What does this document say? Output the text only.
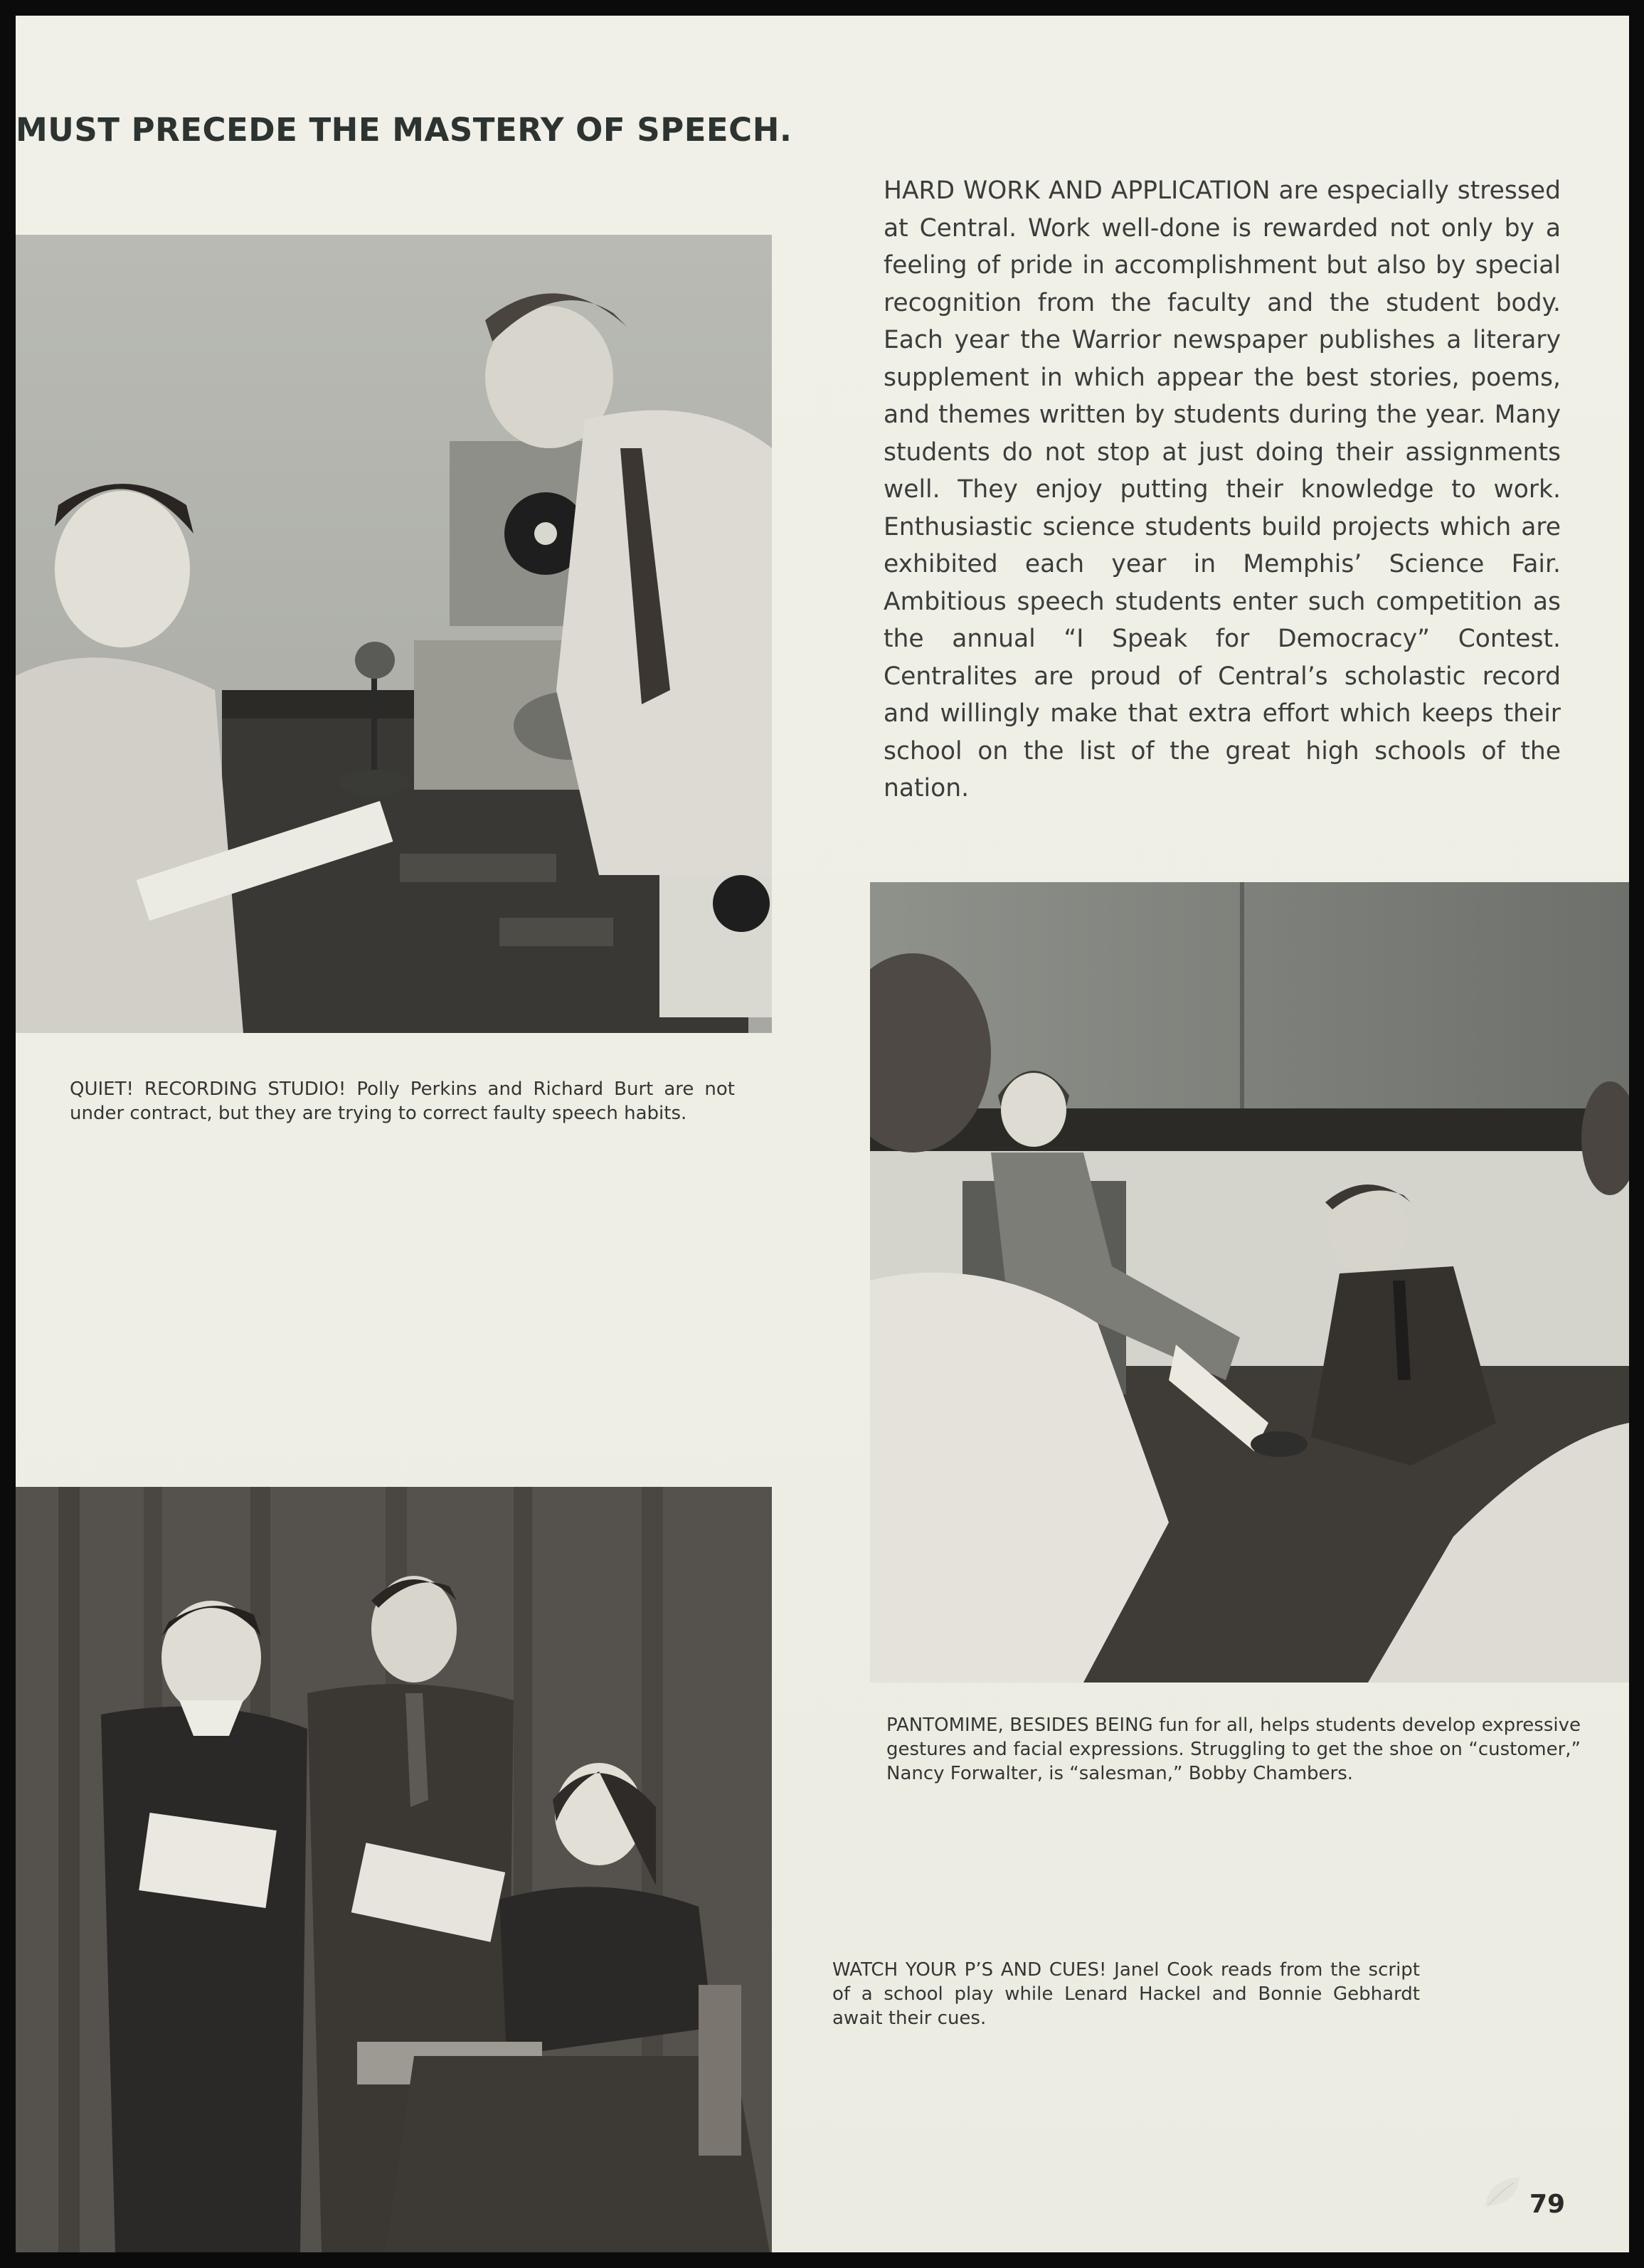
MUST PRECEDE THE MASTERY OF SPEECH.

QUIET! RECORDING STUDIO! Polly Perkins and Richard Burt are not under contract, but they are trying to correct faulty speech habits.

HARD WORK AND APPLICATION are especially stressed at Central. Work well-done is rewarded not only by a feeling of pride in accomplishment but also by special recognition from the faculty and the student body. Each year the Warrior newspaper publishes a literary supplement in which appear the best stories, poems, and themes written by students during the year. Many students do not stop at just doing their assignments well. They enjoy putting their knowledge to work. Enthusiastic science students build projects which are exhibited each year in Memphis’ Science Fair. Ambitious speech students enter such competition as the annual “I Speak for Democracy” Contest. Centralites are proud of Central’s scholastic record and willingly make that extra effort which keeps their school on the list of the great high schools of the nation.

PANTOMIME, BESIDES BEING fun for all, helps students develop expressive gestures and facial expressions. Struggling to get the shoe on “customer,” Nancy Forwalter, is “salesman,” Bobby Chambers.

WATCH YOUR P’S AND CUES! Janel Cook reads from the script of a school play while Lenard Hackel and Bonnie Gebhardt await their cues.

79
